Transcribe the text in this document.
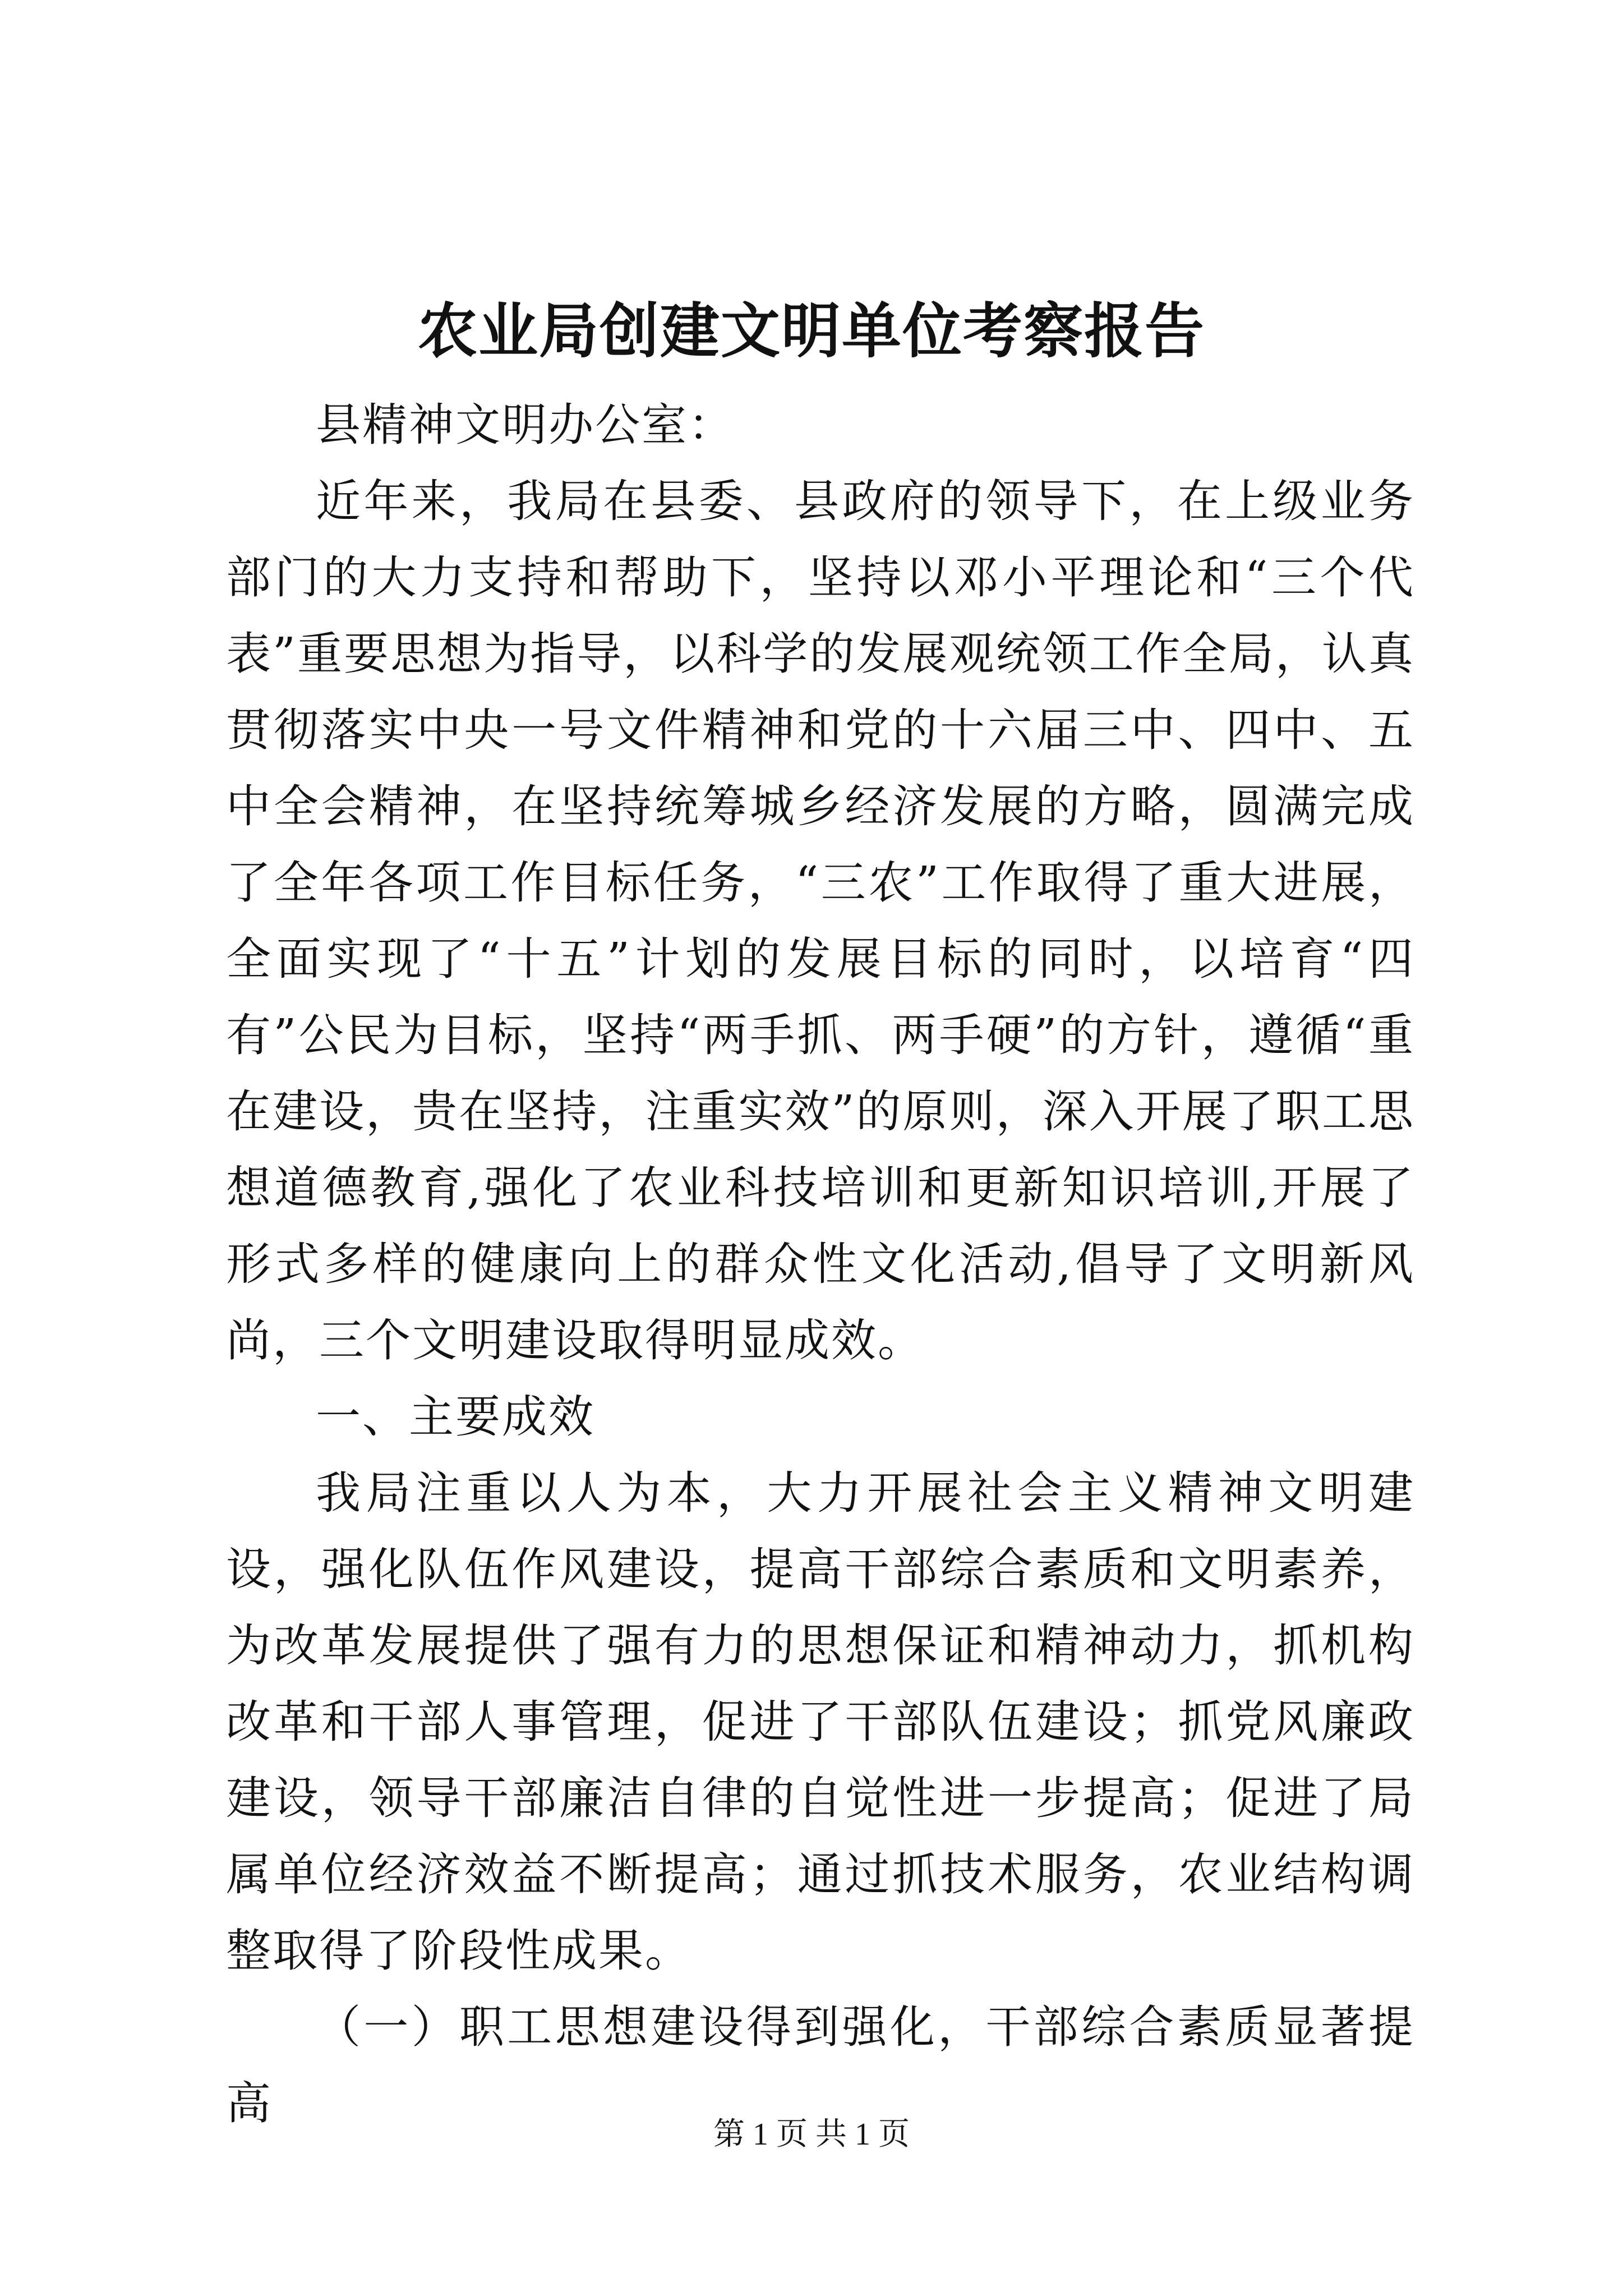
农业局创建文明单位考察报告

县精神文明办公室：

近年来，我局在县委、县政府的领导下，在上级业务部门的大力支持和帮助下，坚持以邓小平理论和“三个代表”重要思想为指导，以科学的发展观统领工作全局，认真贯彻落实中央一号文件精神和党的十六届三中、四中、五中全会精神，在坚持统筹城乡经济发展的方略，圆满完成了全年各项工作目标任务，“三农”工作取得了重大进展，全面实现了“十五”计划的发展目标的同时，以培育“四有”公民为目标，坚持“两手抓、两手硬”的方针，遵循“重在建设，贵在坚持，注重实效”的原则，深入开展了职工思想道德教育,强化了农业科技培训和更新知识培训,开展了形式多样的健康向上的群众性文化活动,倡导了文明新风尚，三个文明建设取得明显成效。

一、主要成效

我局注重以人为本，大力开展社会主义精神文明建设，强化队伍作风建设，提高干部综合素质和文明素养，为改革发展提供了强有力的思想保证和精神动力，抓机构改革和干部人事管理，促进了干部队伍建设；抓党风廉政建设，领导干部廉洁自律的自觉性进一步提高；促进了局属单位经济效益不断提高；通过抓技术服务，农业结构调整取得了阶段性成果。

（一）职工思想建设得到强化，干部综合素质显著提高

第 1 页 共 1 页
